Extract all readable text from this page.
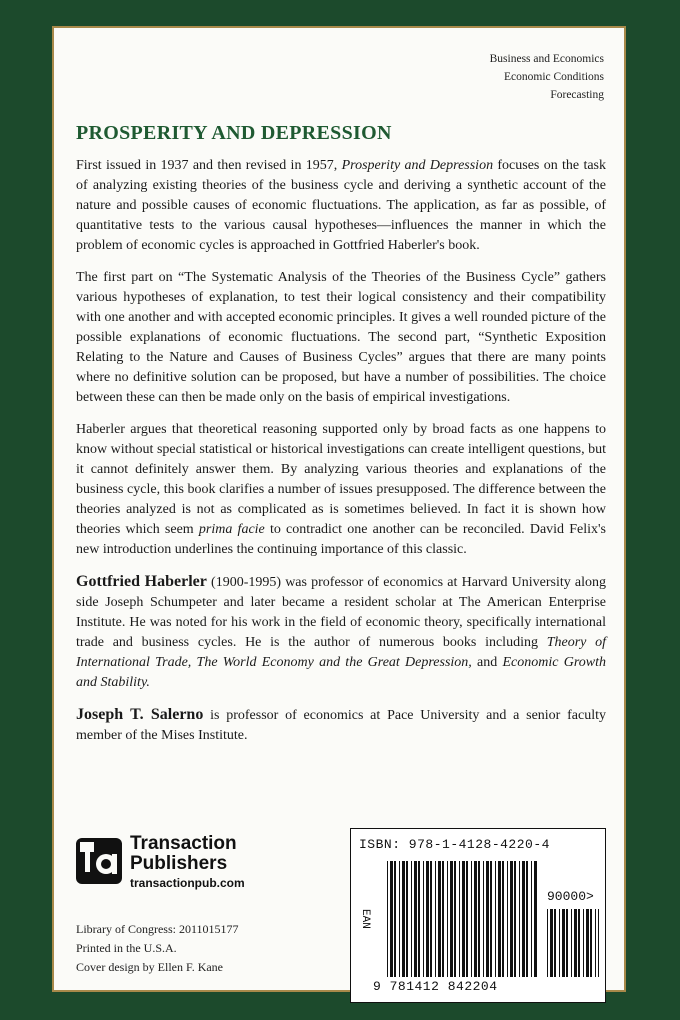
Business and Economics
Economic Conditions
Forecasting
PROSPERITY AND DEPRESSION

First issued in 1937 and then revised in 1957, Prosperity and Depression focuses on the task of analyzing existing theories of the business cycle and deriving a synthetic account of the nature and possible causes of economic fluctuations. The application, as far as possible, of quantitative tests to the various causal hypotheses—influences the manner in which the problem of economic cycles is approached in Gottfried Haberler's book.

The first part on “The Systematic Analysis of the Theories of the Business Cycle” gathers various hypotheses of explanation, to test their logical consistency and their compatibility with one another and with accepted economic principles. It gives a well rounded picture of the possible explanations of economic fluctuations. The second part, “Synthetic Exposition Relating to the Nature and Causes of Business Cycles” argues that there are many points where no definitive solution can be proposed, but have a number of possibilities. The choice between these can then be made only on the basis of empirical investigations.

Haberler argues that theoretical reasoning supported only by broad facts as one happens to know without special statistical or historical investigations can create intelligent questions, but it cannot definitely answer them. By analyzing various theories and explanations of the business cycle, this book clarifies a number of issues presupposed. The difference between the theories analyzed is not as complicated as is sometimes believed. In fact it is shown how theories which seem prima facie to contradict one another can be reconciled. David Felix's new introduction underlines the continuing importance of this classic.

Gottfried Haberler (1900-1995) was professor of economics at Harvard University along side Joseph Schumpeter and later became a resident scholar at The American Enterprise Institute. He was noted for his work in the field of economic theory, specifically international trade and business cycles. He is the author of numerous books including Theory of International Trade, The World Economy and the Great Depression, and Economic Growth and Stability.

Joseph T. Salerno is professor of economics at Pace University and a senior faculty member of the Mises Institute.

Transaction
Publishers
transactionpub.com
Library of Congress: 2011015177
Printed in the U.S.A.
Cover design by Ellen F. Kane
ISBN: 978-1-4128-4220-4
90000>
EAN
9 781412 842204
